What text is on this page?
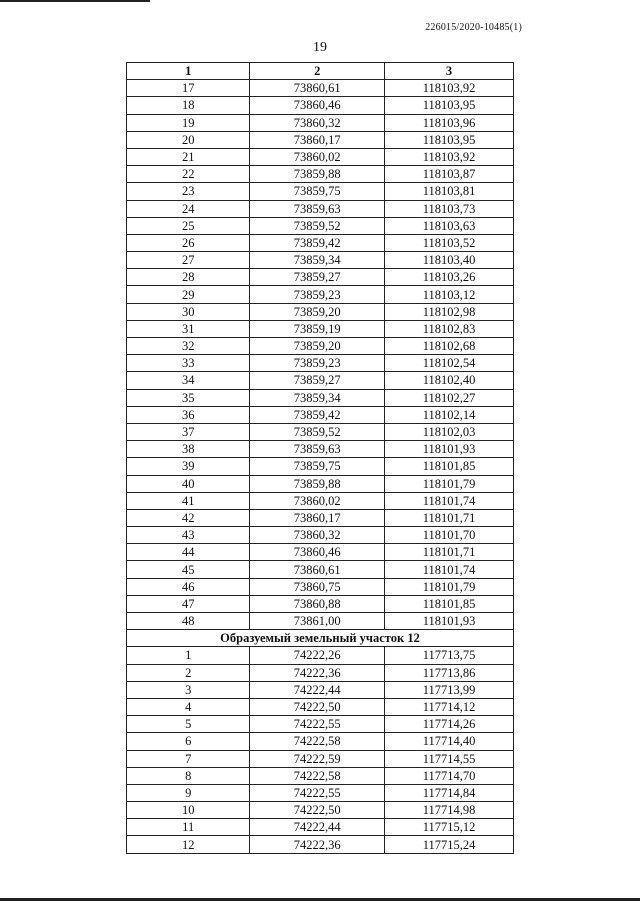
226015/2020-10485(1)
19
1	2	3
17	73860,61	118103,92
18	73860,46	118103,95
19	73860,32	118103,96
20	73860,17	118103,95
21	73860,02	118103,92
22	73859,88	118103,87
23	73859,75	118103,81
24	73859,63	118103,73
25	73859,52	118103,63
26	73859,42	118103,52
27	73859,34	118103,40
28	73859,27	118103,26
29	73859,23	118103,12
30	73859,20	118102,98
31	73859,19	118102,83
32	73859,20	118102,68
33	73859,23	118102,54
34	73859,27	118102,40
35	73859,34	118102,27
36	73859,42	118102,14
37	73859,52	118102,03
38	73859,63	118101,93
39	73859,75	118101,85
40	73859,88	118101,79
41	73860,02	118101,74
42	73860,17	118101,71
43	73860,32	118101,70
44	73860,46	118101,71
45	73860,61	118101,74
46	73860,75	118101,79
47	73860,88	118101,85
48	73861,00	118101,93
Образуемый земельный участок 12		
1	74222,26	117713,75
2	74222,36	117713,86
3	74222,44	117713,99
4	74222,50	117714,12
5	74222,55	117714,26
6	74222,58	117714,40
7	74222,59	117714,55
8	74222,58	117714,70
9	74222,55	117714,84
10	74222,50	117714,98
11	74222,44	117715,12
12	74222,36	117715,24
